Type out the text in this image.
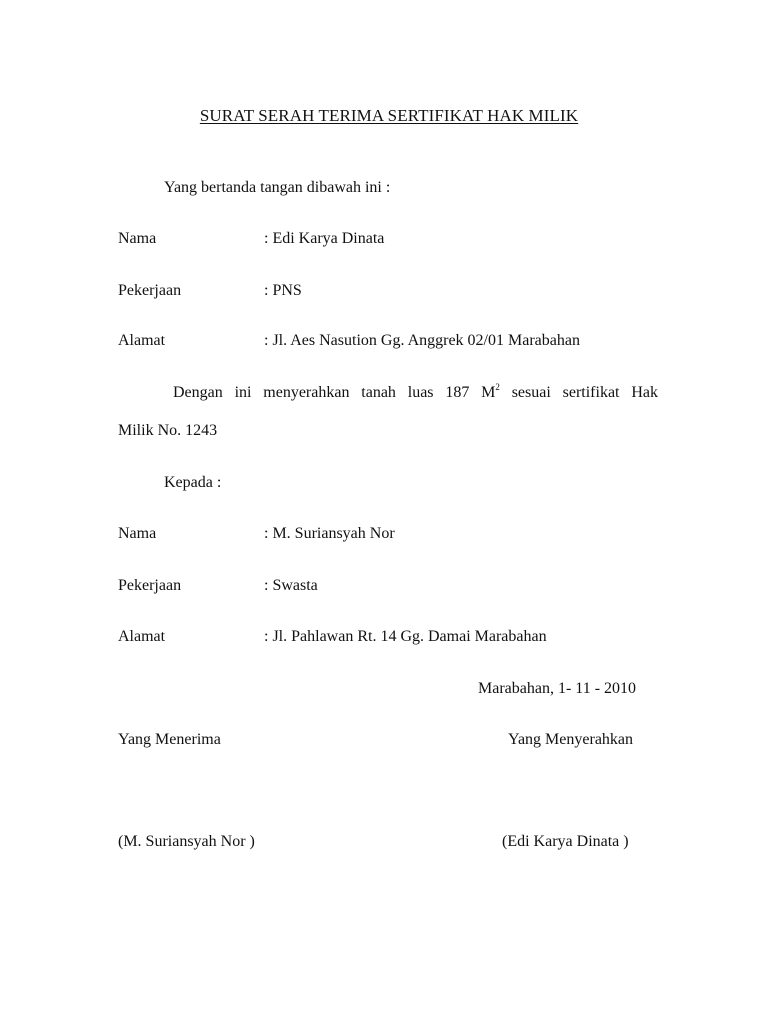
SURAT SERAH TERIMA SERTIFIKAT HAK MILIK
Yang bertanda tangan dibawah ini :
Nama	: Edi Karya Dinata
Pekerjaan	: PNS
Alamat	: Jl. Aes Nasution Gg. Anggrek 02/01 Marabahan
Dengan ini menyerahkan tanah luas 187 $M^2$ sesuai sertifikat Hak
Milik No. 1243
Kepada :
Nama	: M. Suriansyah Nor
Pekerjaan	: Swasta
Alamat	: Jl. Pahlawan Rt. 14 Gg. Damai Marabahan
Marabahan, 1- 11 - 2010
Yang Menerima	Yang Menyerahkan
(M. Suriansyah Nor )	(Edi Karya Dinata )
